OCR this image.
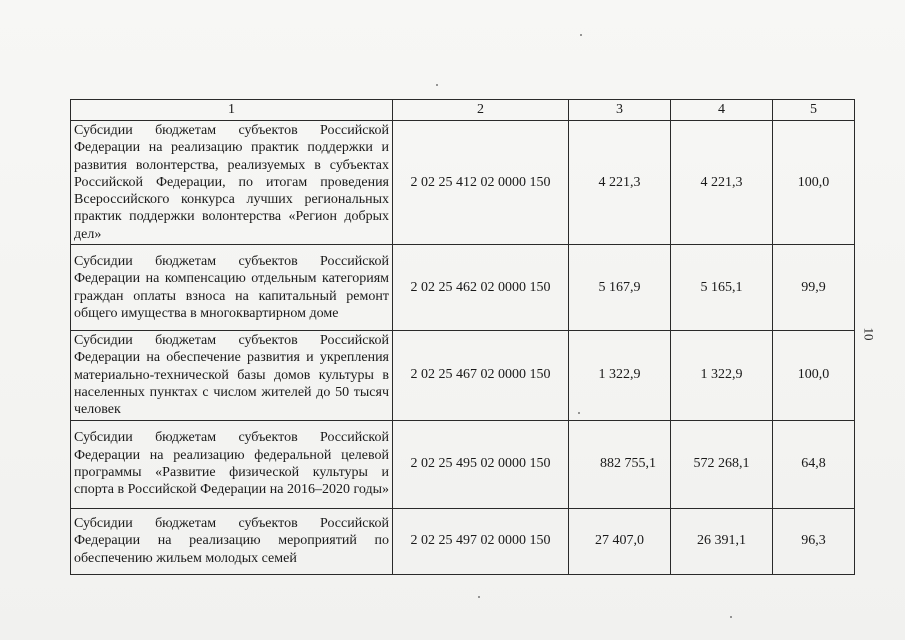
1	2	3	4	5
Субсидии бюджетам субъектов Российской Федерации на реализацию практик поддержки и развития волонтерства, реализуемых в субъектах Российской Федерации, по итогам проведения Всероссийского конкурса лучших региональных практик поддержки волонтерства «Регион добрых дел»	2 02 25 412 02 0000 150	4 221,3	4 221,3	100,0
Субсидии бюджетам субъектов Российской Федерации на компенсацию отдельным категориям граждан оплаты взноса на капитальный ремонт общего имущества в многоквартирном доме	2 02 25 462 02 0000 150	5 167,9	5 165,1	99,9
Субсидии бюджетам субъектов Российской Федерации на обеспечение развития и укрепления материально-технической базы домов культуры в населенных пунктах с числом жителей до 50 тысяч человек	2 02 25 467 02 0000 150	1 322,9	1 322,9	100,0
Субсидии бюджетам субъектов Российской Федерации на реализацию федеральной целевой программы «Развитие физической культуры и спорта в Российской Федерации на 2016–2020 годы»	2 02 25 495 02 0000 150	882 755,1	572 268,1	64,8
Субсидии бюджетам субъектов Российской Федерации на реализацию мероприятий по обеспечению жильем молодых семей	2 02 25 497 02 0000 150	27 407,0	26 391,1	96,3
10
